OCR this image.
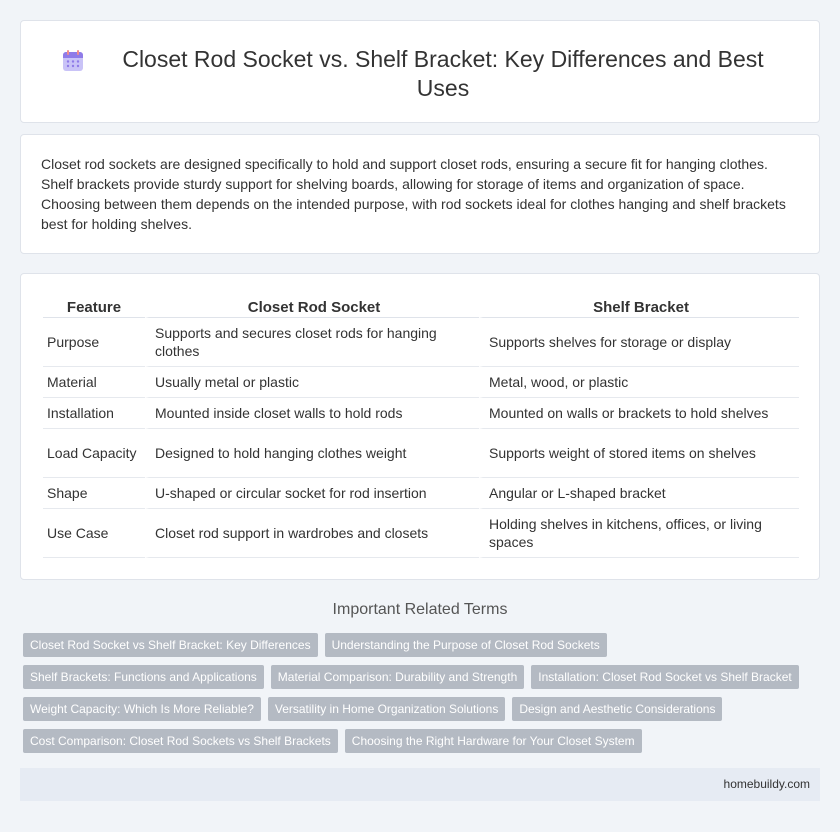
Closet Rod Socket vs. Shelf Bracket: Key Differences and Best Uses

Closet rod sockets are designed specifically to hold and support closet rods, ensuring a secure fit for hanging clothes. Shelf brackets provide sturdy support for shelving boards, allowing for storage of items and organization of space. Choosing between them depends on the intended purpose, with rod sockets ideal for clothes hanging and shelf brackets best for holding shelves.

Feature	Closet Rod Socket	Shelf Bracket
Purpose	Supports and secures closet rods for hanging clothes	Supports shelves for storage or display
Material	Usually metal or plastic	Metal, wood, or plastic
Installation	Mounted inside closet walls to hold rods	Mounted on walls or brackets to hold shelves
Load Capacity	Designed to hold hanging clothes weight	Supports weight of stored items on shelves
Shape	U-shaped or circular socket for rod insertion	Angular or L-shaped bracket
Use Case	Closet rod support in wardrobes and closets	Holding shelves in kitchens, offices, or living spaces
Important Related Terms
Closet Rod Socket vs Shelf Bracket: Key Differences	Understanding the Purpose of Closet Rod Sockets
Shelf Brackets: Functions and Applications	Material Comparison: Durability and Strength	Installation: Closet Rod Socket vs Shelf Bracket
Weight Capacity: Which Is More Reliable?	Versatility in Home Organization Solutions	Design and Aesthetic Considerations
Cost Comparison: Closet Rod Sockets vs Shelf Brackets	Choosing the Right Hardware for Your Closet System
homebuildy.com
